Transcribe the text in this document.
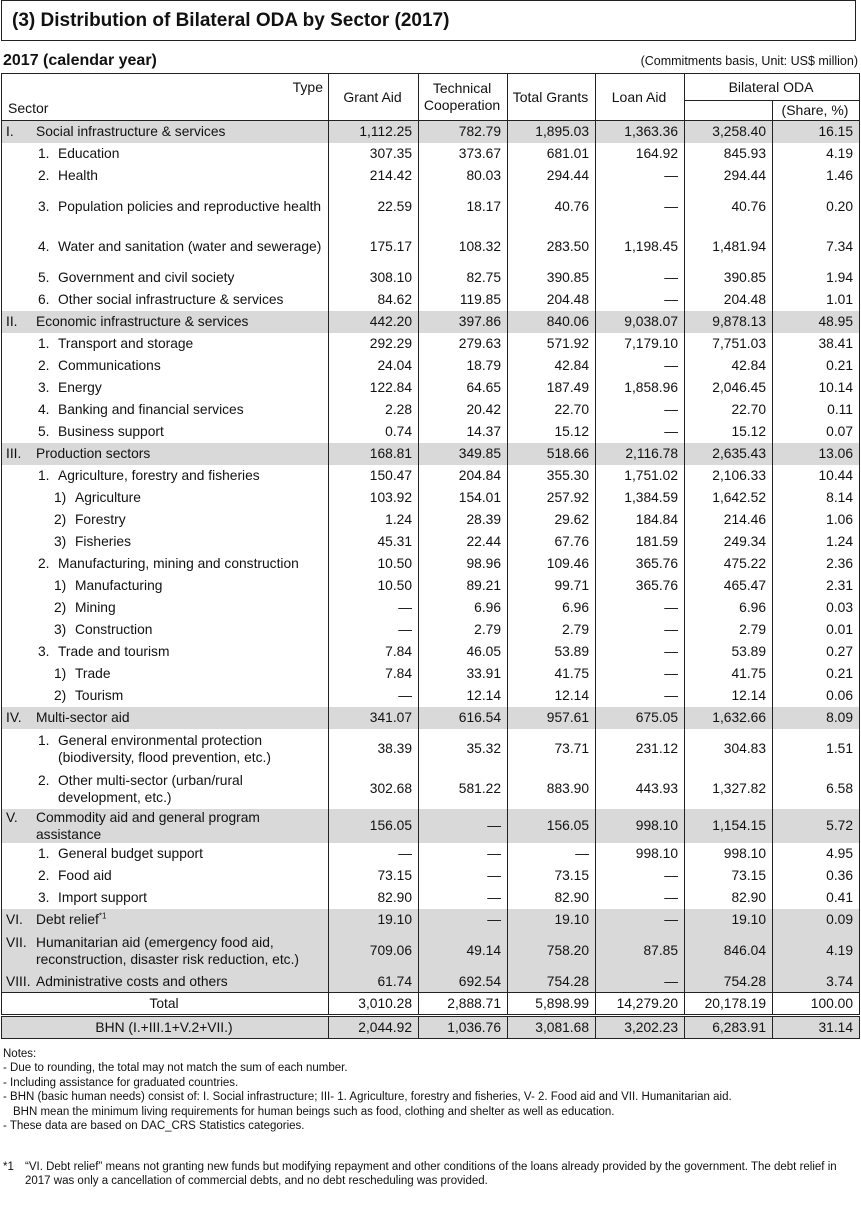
(3) Distribution of Bilateral ODA by Sector (2017)
2017 (calendar year)	(Commitments basis, Unit: US$ million)
Type
Sector	Grant Aid	Technical Cooperation	Total Grants	Loan Aid	Bilateral ODA	
						(Share, %)

I. Social infrastructure & services	1,112.25	782.79	1,895.03	1,363.36	3,258.40	16.15

1. Education	307.35	373.67	681.01	164.92	845.93	4.19

2. Health	214.42	80.03	294.44	—	294.44	1.46

3. Population policies and reproductive health	22.59	18.17	40.76	—	40.76	0.20

4. Water and sanitation (water and sewerage)	175.17	108.32	283.50	1,198.45	1,481.94	7.34

5. Government and civil society	308.10	82.75	390.85	—	390.85	1.94

6. Other social infrastructure & services	84.62	119.85	204.48	—	204.48	1.01

II. Economic infrastructure & services	442.20	397.86	840.06	9,038.07	9,878.13	48.95

1. Transport and storage	292.29	279.63	571.92	7,179.10	7,751.03	38.41

2. Communications	24.04	18.79	42.84	—	42.84	0.21

3. Energy	122.84	64.65	187.49	1,858.96	2,046.45	10.14

4. Banking and financial services	2.28	20.42	22.70	—	22.70	0.11

5. Business support	0.74	14.37	15.12	—	15.12	0.07

III. Production sectors	168.81	349.85	518.66	2,116.78	2,635.43	13.06

1. Agriculture, forestry and fisheries	150.47	204.84	355.30	1,751.02	2,106.33	10.44

1) Agriculture	103.92	154.01	257.92	1,384.59	1,642.52	8.14

2) Forestry	1.24	28.39	29.62	184.84	214.46	1.06

3) Fisheries	45.31	22.44	67.76	181.59	249.34	1.24

2. Manufacturing, mining and construction	10.50	98.96	109.46	365.76	475.22	2.36

1) Manufacturing	10.50	89.21	99.71	365.76	465.47	2.31

2) Mining	—	6.96	6.96	—	6.96	0.03

3) Construction	—	2.79	2.79	—	2.79	0.01

3. Trade and tourism	7.84	46.05	53.89	—	53.89	0.27

1) Trade	7.84	33.91	41.75	—	41.75	0.21

2) Tourism	—	12.14	12.14	—	12.14	0.06

IV. Multi-sector aid	341.07	616.54	957.61	675.05	1,632.66	8.09

1. General environmental protection (biodiversity, flood prevention, etc.)	38.39	35.32	73.71	231.12	304.83	1.51

2. Other multi-sector (urban/rural development, etc.)	302.68	581.22	883.90	443.93	1,327.82	6.58

V. Commodity aid and general program assistance	156.05	—	156.05	998.10	1,154.15	5.72

1. General budget support	—	—	—	998.10	998.10	4.95

2. Food aid	73.15	—	73.15	—	73.15	0.36

3. Import support	82.90	—	82.90	—	82.90	0.41

VI. Debt relief$^{*1}$	19.10	—	19.10	—	19.10	0.09

VII. Humanitarian aid (emergency food aid, reconstruction, disaster risk reduction, etc.)	709.06	49.14	758.20	87.85	846.04	4.19

VIII. Administrative costs and others	61.74	692.54	754.28	—	754.28	3.74
Total	3,010.28	2,888.71	5,898.99	14,279.20	20,178.19	100.00
BHN (I.+III.1+V.2+VII.)	2,044.92	1,036.76	3,081.68	3,202.23	6,283.91	31.14
Notes:
- Due to rounding, the total may not match the sum of each number.
- Including assistance for graduated countries.
- BHN (basic human needs) consist of: I. Social infrastructure; III- 1. Agriculture, forestry and fisheries, V- 2. Food aid and VII. Humanitarian aid.
BHN mean the minimum living requirements for human beings such as food, clothing and shelter as well as education.
- These data are based on DAC_CRS Statistics categories.
*1 “VI. Debt relief” means not granting new funds but modifying repayment and other conditions of the loans already provided by the government. The debt relief in 2017 was only a cancellation of commercial debts, and no debt rescheduling was provided.
